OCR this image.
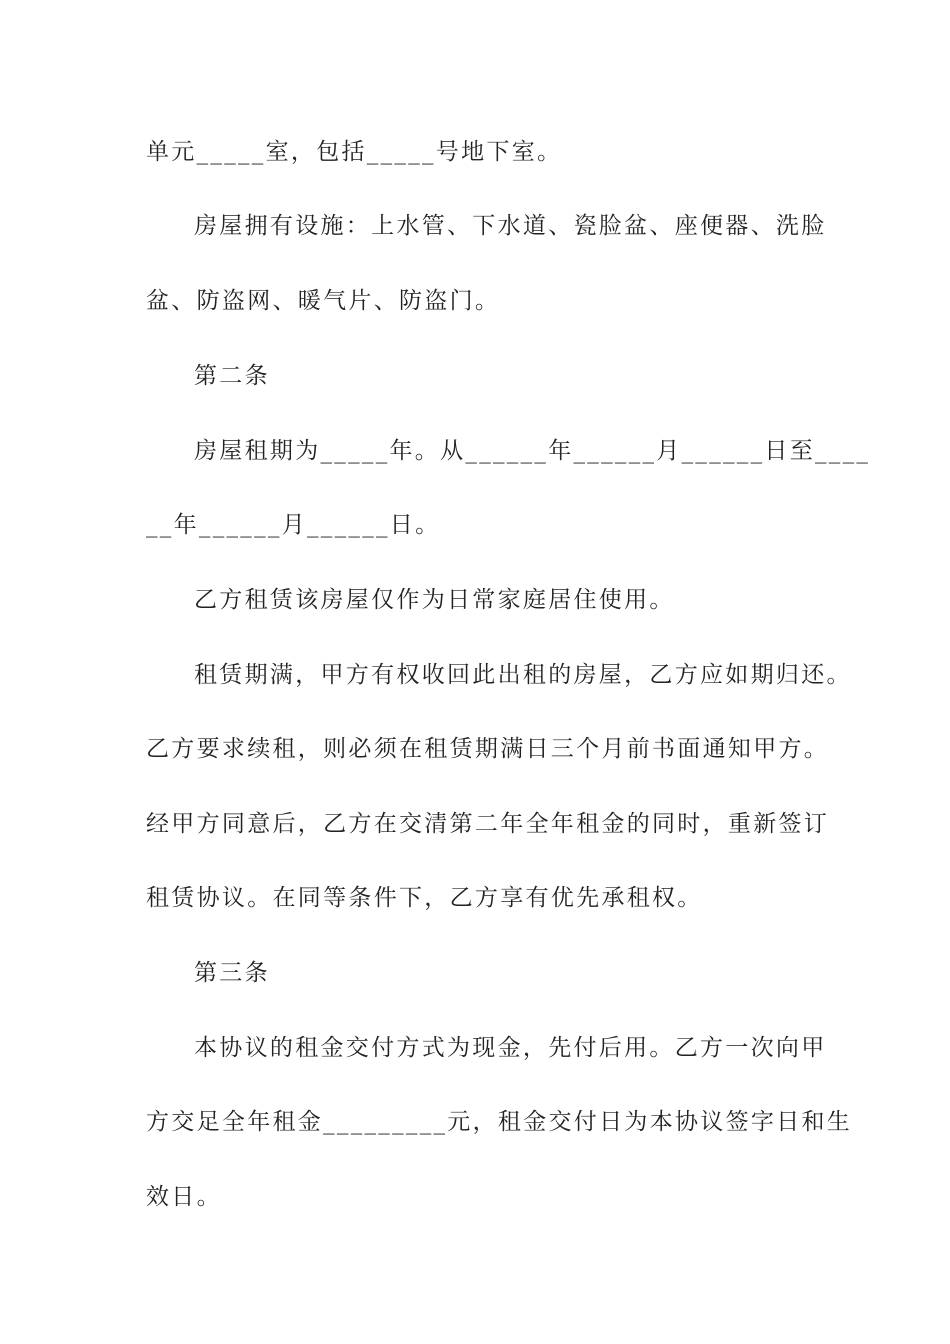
单元_____室，包括_____号地下室。
房屋拥有设施：上水管、下水道、瓷脸盆、座便器、洗脸
盆、防盗网、暖气片、防盗门。
第二条
房屋租期为_____年。从______年______月______日至____
__年______月______日。
乙方租赁该房屋仅作为日常家庭居住使用。
租赁期满，甲方有权收回此出租的房屋，乙方应如期归还。
乙方要求续租，则必须在租赁期满日三个月前书面通知甲方。
经甲方同意后，乙方在交清第二年全年租金的同时，重新签订
租赁协议。在同等条件下，乙方享有优先承租权。
第三条
本协议的租金交付方式为现金，先付后用。乙方一次向甲
方交足全年租金_________元，租金交付日为本协议签字日和生
效日。
